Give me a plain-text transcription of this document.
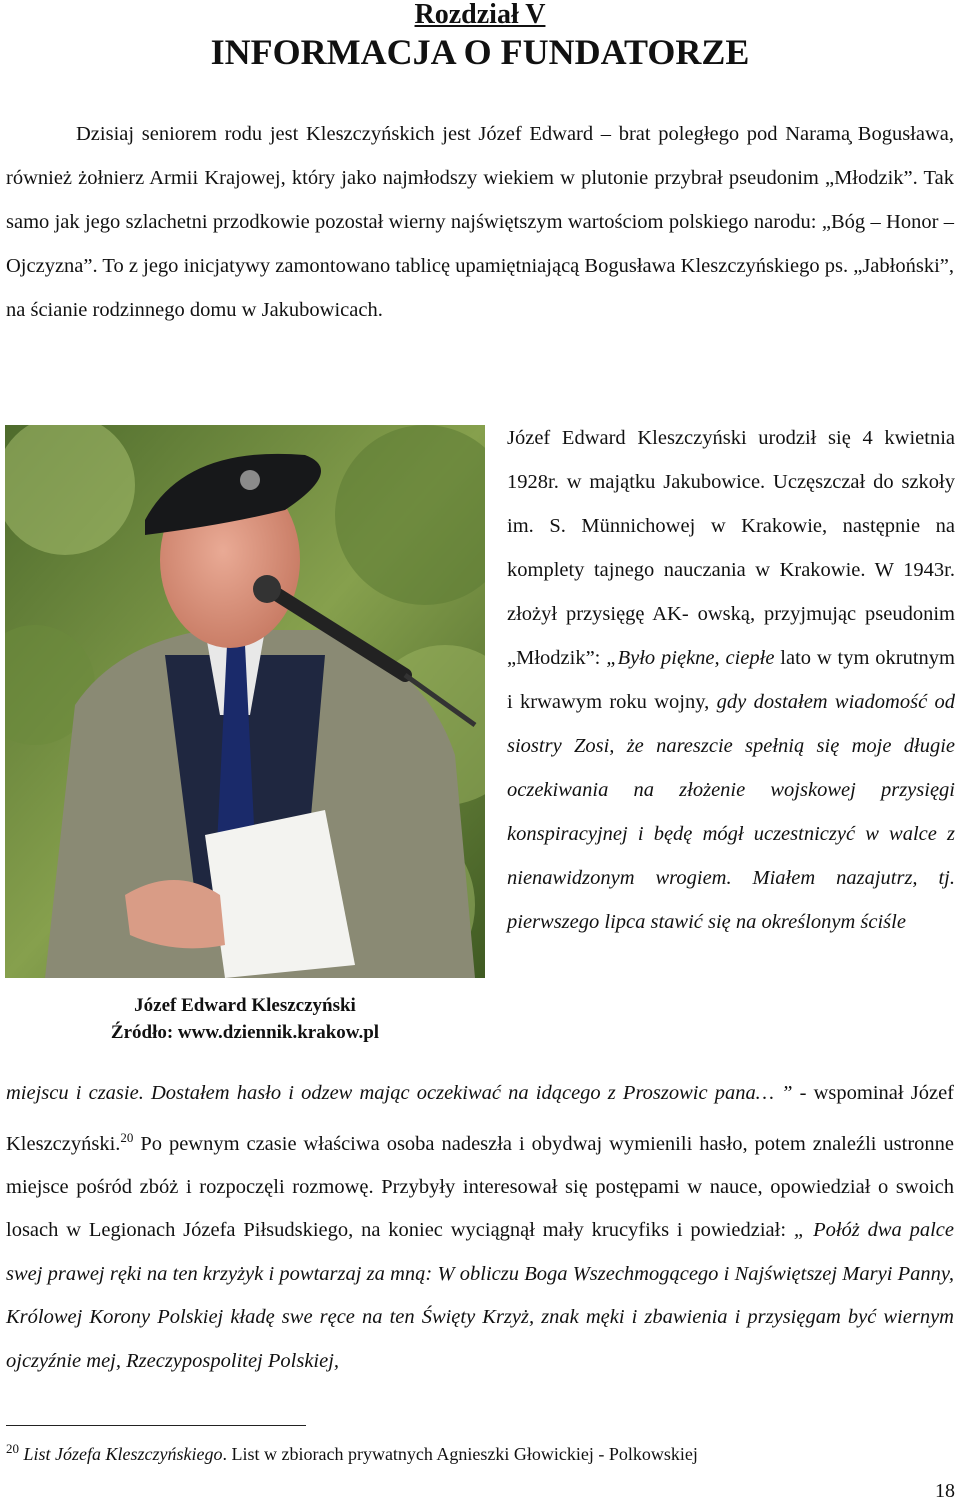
Rozdział V
INFORMACJA O FUNDATORZE
Dzisiaj seniorem rodu jest Kleszczyńskich jest Józef Edward – brat poległego pod Narama̧ Bogusława, również żołnierz Armii Krajowej, który jako najmłodszy wiekiem w plutonie przybrał pseudonim „Młodzik”. Tak samo jak jego szlachetni przodkowie pozostał wierny najświętszym wartościom polskiego narodu: „Bóg – Honor – Ojczyzna”. To z jego inicjatywy zamontowano tablicę upamiętniającą Bogusława Kleszczyńskiego ps. „Jabłoński”, na ścianie rodzinnego domu w Jakubowicach.
Józef Edward Kleszczyński
Źródło: www.dziennik.krakow.pl
Józef Edward Kleszczyński urodził się 4 kwietnia 1928r. w majątku Jakubowice. Uczęszczał do szkoły im. S. Münnichowej w Krakowie, następnie na komplety tajnego nauczania w Krakowie. W 1943r. złożył przysięgę AK- owską, przyjmując pseudonim „Młodzik”: „Było piękne, ciepłe lato w tym okrutnym i krwawym roku wojny, gdy dostałem wiadomość od siostry Zosi, że nareszcie spełnią się moje długie oczekiwania na złożenie wojskowej przysięgi konspiracyjnej i będę mógł uczestniczyć w walce z nienawidzonym wrogiem. Miałem nazajutrz, tj. pierwszego lipca stawić się na określonym ściśle
miejscu i czasie. Dostałem hasło i odzew mając oczekiwać na idącego z Proszowic pana… ” - wspominał Józef Kleszczyński.$^{20}$ Po pewnym czasie właściwa osoba nadeszła i obydwaj wymienili hasło, potem znaleźli ustronne miejsce pośród zbóż i rozpoczęli rozmowę. Przybyły interesował się postępami w nauce, opowiedział o swoich losach w Legionach Józefa Piłsudskiego, na koniec wyciągnął mały krucyfiks i powiedział: „ Połóż dwa palce swej prawej ręki na ten krzyżyk i powtarzaj za mną: W obliczu Boga Wszechmogącego i Najświętszej Maryi Panny, Królowej Korony Polskiej kładę swe ręce na ten Święty Krzyż, znak męki i zbawienia i przysięgam być wiernym ojczyźnie mej, Rzeczypospolitej Polskiej,
$^{20}$ List Józefa Kleszczyńskiego. List w zbiorach prywatnych Agnieszki Głowickiej - Polkowskiej
18
